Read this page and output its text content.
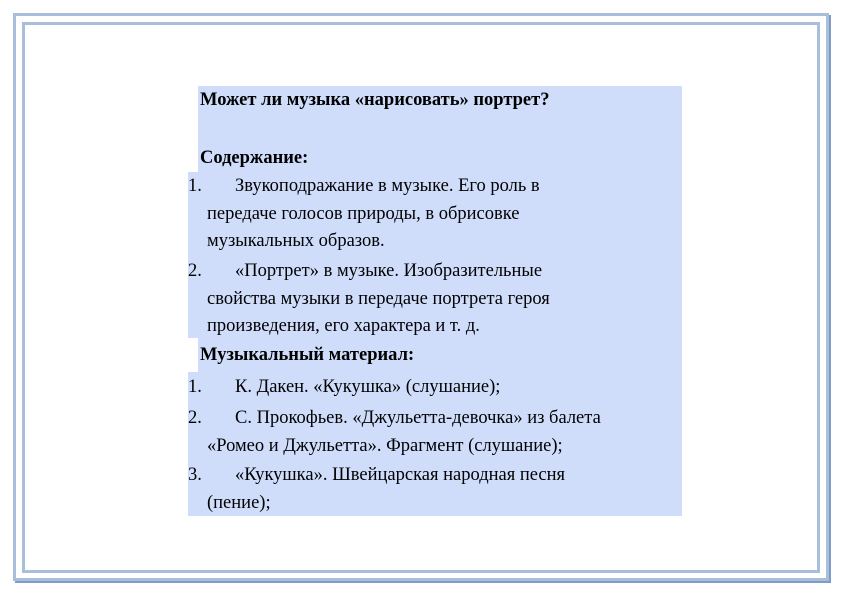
Может ли музыка «нарисовать» портрет?
Содержание:
1. Звукоподражание в музыке. Его роль в
передаче голосов природы, в обрисовке
музыкальных образов.
2. «Портрет» в музыке. Изобразительные
свойства музыки в передаче портрета героя
произведения, его характера и т. д.
Музыкальный материал:
1. К. Дакен. «Кукушка» (слушание);
2. С. Прокофьев. «Джульетта-девочка» из балета
«Ромео и Джульетта». Фрагмент (слушание);
3. «Кукушка». Швейцарская народная песня
(пение);
